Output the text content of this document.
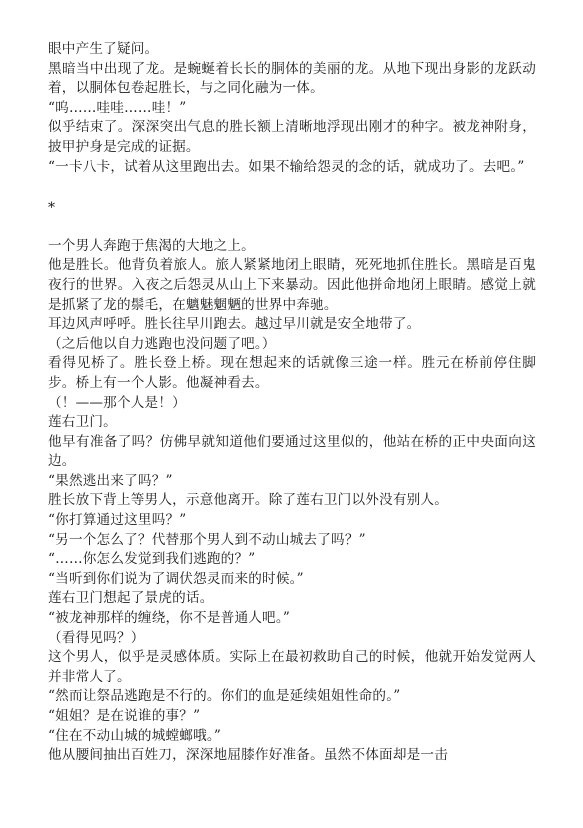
眼中产生了疑问。

黑暗当中出现了龙。是蜿蜒着长长的胴体的美丽的龙。从地下现出身影的龙跃动着，以胴体包卷起胜长，与之同化融为一体。

“呜……哇哇……哇！”

似乎结束了。深深突出气息的胜长额上清晰地浮现出刚才的种字。被龙神附身，披甲护身是完成的证据。

“一卡八卡，试着从这里跑出去。如果不输给怨灵的念的话，就成功了。去吧。”

*

一个男人奔跑于焦渴的大地之上。

他是胜长。他背负着旅人。旅人紧紧地闭上眼睛，死死地抓住胜长。黑暗是百鬼夜行的世界。入夜之后怨灵从山上下来暴动。因此他拼命地闭上眼睛。感觉上就是抓紧了龙的鬃毛，在魑魅魍魉的世界中奔驰。

耳边风声呼呼。胜长往早川跑去。越过早川就是安全地带了。

（之后他以自力逃跑也没问题了吧。）

看得见桥了。胜长登上桥。现在想起来的话就像三途一样。胜元在桥前停住脚步。桥上有一个人影。他凝神看去。

（！——那个人是！）

莲右卫门。

他早有准备了吗？仿佛早就知道他们要通过这里似的，他站在桥的正中央面向这边。

“果然逃出来了吗？”

胜长放下背上等男人，示意他离开。除了莲右卫门以外没有别人。

“你打算通过这里吗？”

“另一个怎么了？代替那个男人到不动山城去了吗？”

“……你怎么发觉到我们逃跑的？”

“当听到你们说为了调伏怨灵而来的时候。”

莲右卫门想起了景虎的话。

“被龙神那样的缠绕，你不是普通人吧。”

（看得见吗？）

这个男人，似乎是灵感体质。实际上在最初救助自己的时候，他就开始发觉两人并非常人了。

“然而让祭品逃跑是不行的。你们的血是延续姐姐性命的。”

“姐姐？是在说谁的事？”

“住在不动山城的城螳螂哦。”

他从腰间抽出百姓刀，深深地屈膝作好准备。虽然不体面却是一击
